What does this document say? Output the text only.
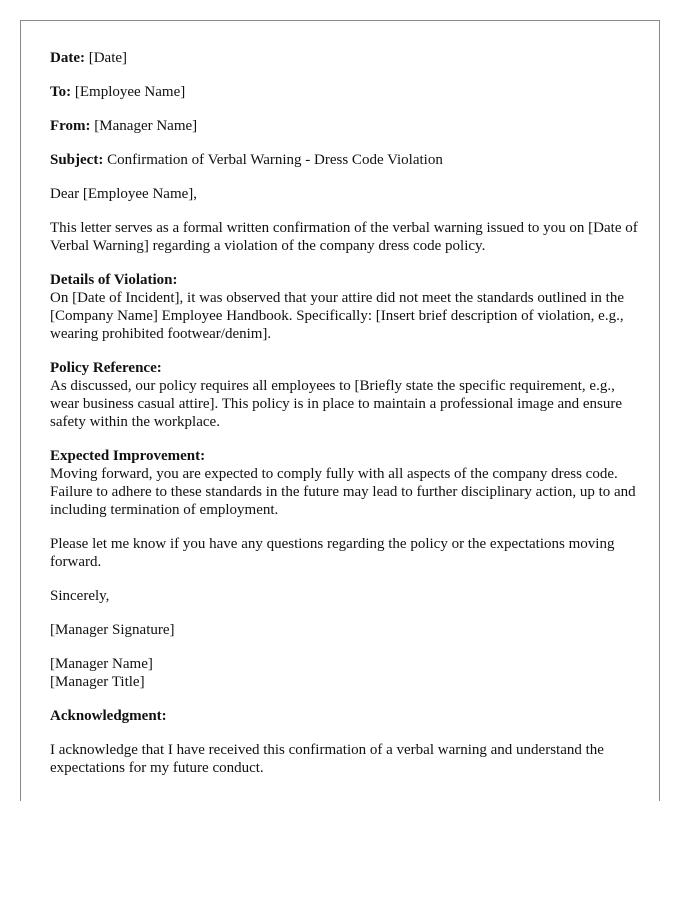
Date: [Date]

To: [Employee Name]

From: [Manager Name]

Subject: Confirmation of Verbal Warning - Dress Code Violation

Dear [Employee Name],

This letter serves as a formal written confirmation of the verbal warning issued to you on [Date of Verbal Warning] regarding a violation of the company dress code policy.

Details of Violation:
On [Date of Incident], it was observed that your attire did not meet the standards outlined in the [Company Name] Employee Handbook. Specifically: [Insert brief description of violation, e.g., wearing prohibited footwear/denim].

Policy Reference:
As discussed, our policy requires all employees to [Briefly state the specific requirement, e.g., wear business casual attire]. This policy is in place to maintain a professional image and ensure safety within the workplace.

Expected Improvement:
Moving forward, you are expected to comply fully with all aspects of the company dress code. Failure to adhere to these standards in the future may lead to further disciplinary action, up to and including termination of employment.

Please let me know if you have any questions regarding the policy or the expectations moving forward.

Sincerely,

[Manager Signature]

[Manager Name]
[Manager Title]

Acknowledgment:

I acknowledge that I have received this confirmation of a verbal warning and understand the expectations for my future conduct.
